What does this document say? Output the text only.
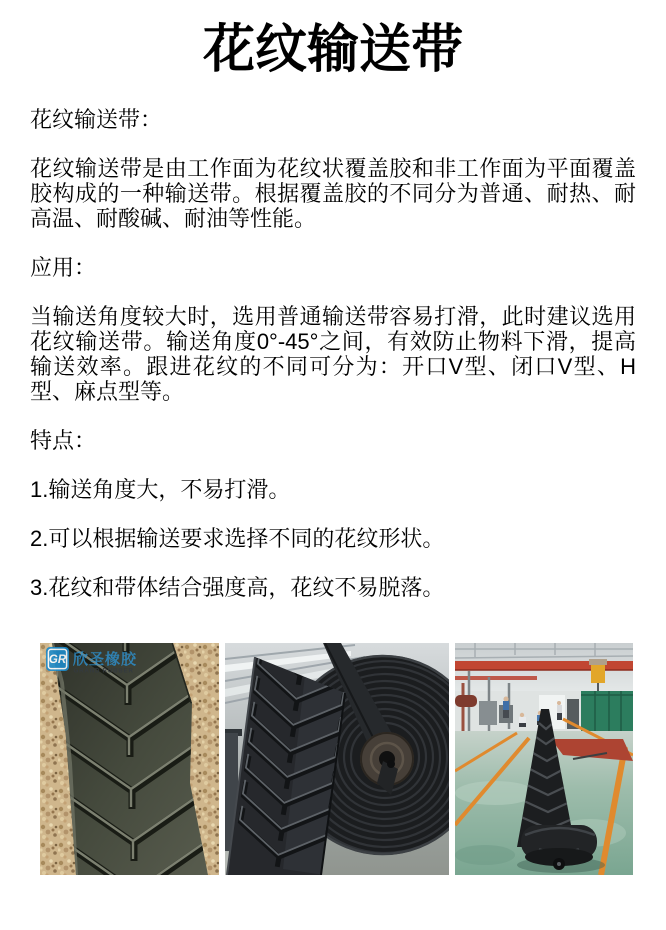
花纹输送带

花纹输送带：

花纹输送带是由工作面为花纹状覆盖胶和非工作面为平面覆盖胶构成的一种输送带。根据覆盖胶的不同分为普通、耐热、耐高温、耐酸碱、耐油等性能。

应用：

当输送角度较大时，选用普通输送带容易打滑，此时建议选用花纹输送带。输送角度0°-45°之间，有效防止物料下滑，提高输送效率。跟进花纹的不同可分为：开口V型、闭口V型、H型、麻点型等。

特点：

1.输送角度大，不易打滑。

2.可以根据输送要求选择不同的花纹形状。

3.花纹和带体结合强度高，花纹不易脱落。

GR 欣圣橡胶
GRAND RUBBER
